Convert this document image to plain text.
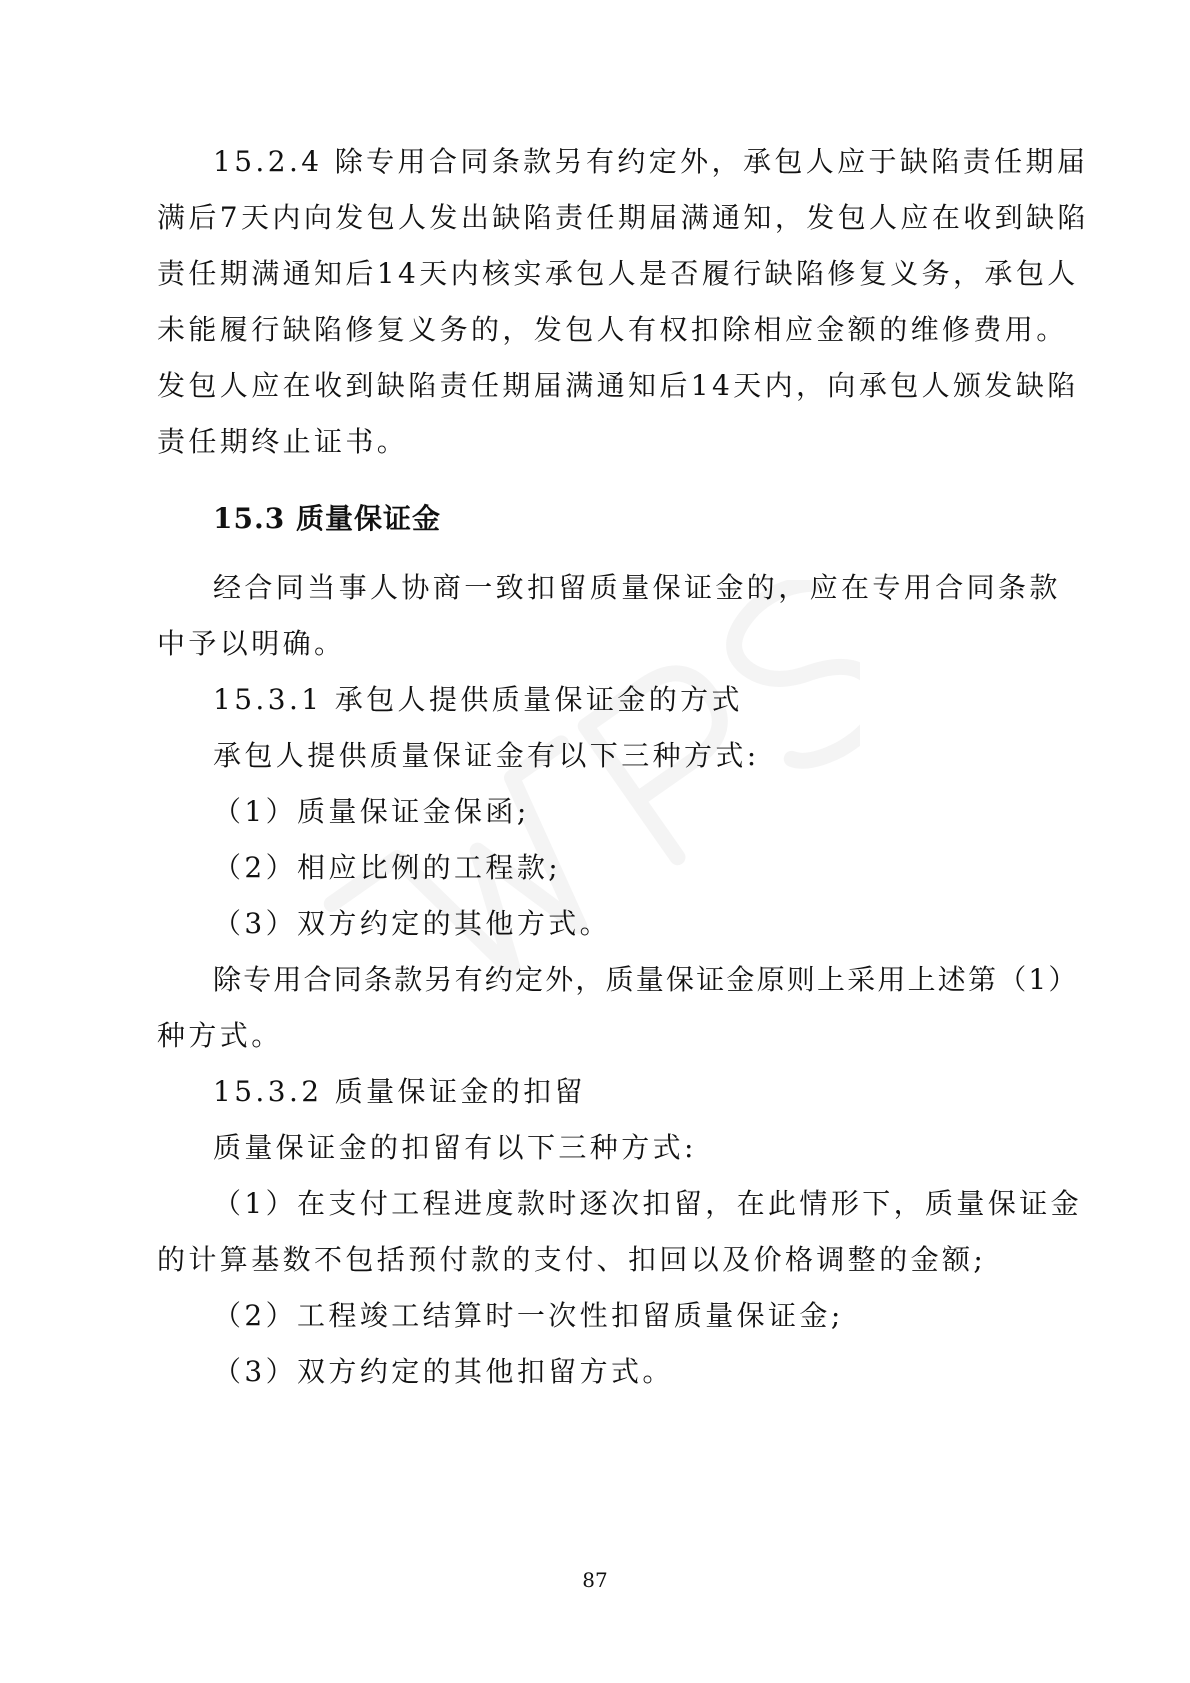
15.2.4 除专用合同条款另有约定外，承包人应于缺陷责任期届
满后7天内向发包人发出缺陷责任期届满通知，发包人应在收到缺陷
责任期满通知后14天内核实承包人是否履行缺陷修复义务，承包人
未能履行缺陷修复义务的，发包人有权扣除相应金额的维修费用。
发包人应在收到缺陷责任期届满通知后14天内，向承包人颁发缺陷
责任期终止证书。
15.3 质量保证金
经合同当事人协商一致扣留质量保证金的，应在专用合同条款
中予以明确。
15.3.1 承包人提供质量保证金的方式
承包人提供质量保证金有以下三种方式:
（1）质量保证金保函;
（2）相应比例的工程款;
（3）双方约定的其他方式。
除专用合同条款另有约定外，质量保证金原则上采用上述第（1）
种方式。
15.3.2 质量保证金的扣留
质量保证金的扣留有以下三种方式:
（1）在支付工程进度款时逐次扣留，在此情形下，质量保证金
的计算基数不包括预付款的支付、扣回以及价格调整的金额;
（2）工程竣工结算时一次性扣留质量保证金;
（3）双方约定的其他扣留方式。
87
